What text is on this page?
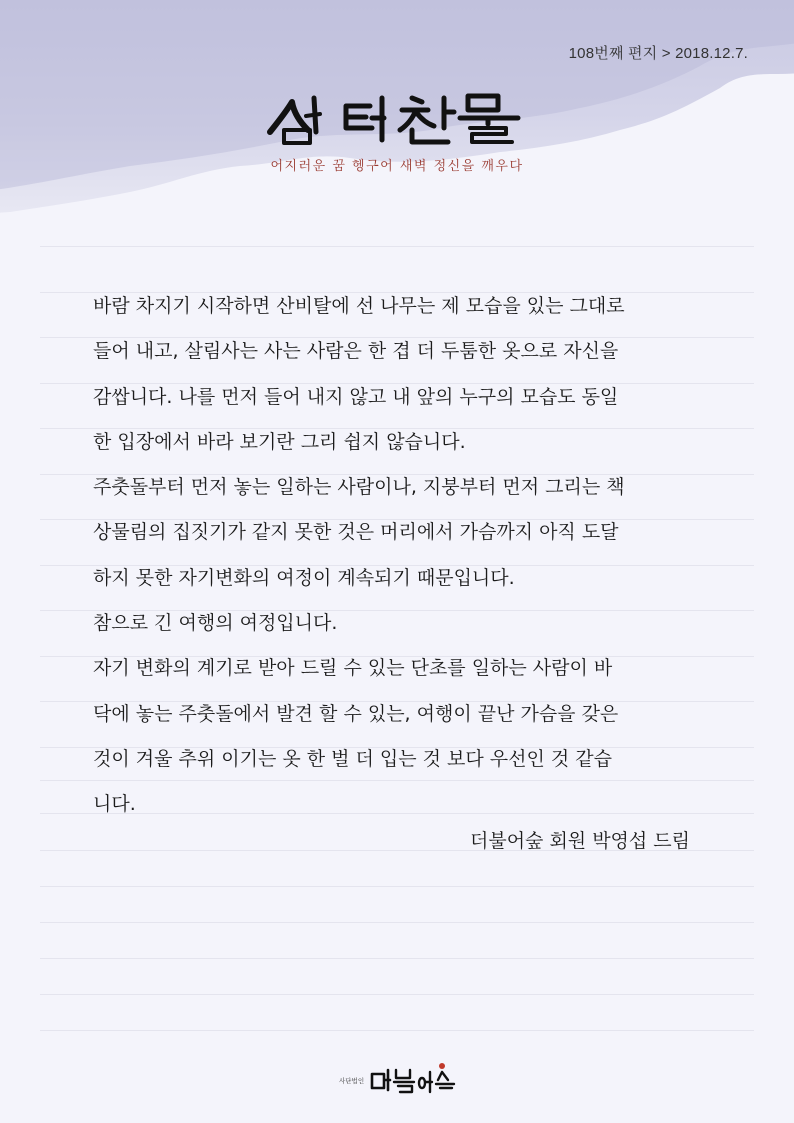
108번째 편지 > 2018.12.7.
어지러운 꿈 헹구어 새벽 정신을 깨우다

바람 차지기 시작하면 산비탈에 선 나무는 제 모습을 있는 그대로

들어 내고, 살림사는 사는 사람은 한 겹 더 두툼한 옷으로 자신을

감쌉니다. 나를 먼저 들어 내지 않고 내 앞의 누구의 모습도 동일

한 입장에서 바라 보기란 그리 쉽지 않습니다.

주춧돌부터 먼저 놓는 일하는 사람이나, 지붕부터 먼저 그리는 책

상물림의 집짓기가 같지 못한 것은 머리에서 가슴까지 아직 도달

하지 못한 자기변화의 여정이 계속되기 때문입니다.

참으로 긴 여행의 여정입니다.

자기 변화의 계기로 받아 드릴 수 있는 단초를 일하는 사람이 바

닥에 놓는 주춧돌에서 발견 할 수 있는, 여행이 끝난 가슴을 갖은

것이 겨울 추위 이기는 옷 한 벌 더 입는 것 보다 우선인 것 같습

니다.

더불어숲 회원 박영섭 드림
사단법인
